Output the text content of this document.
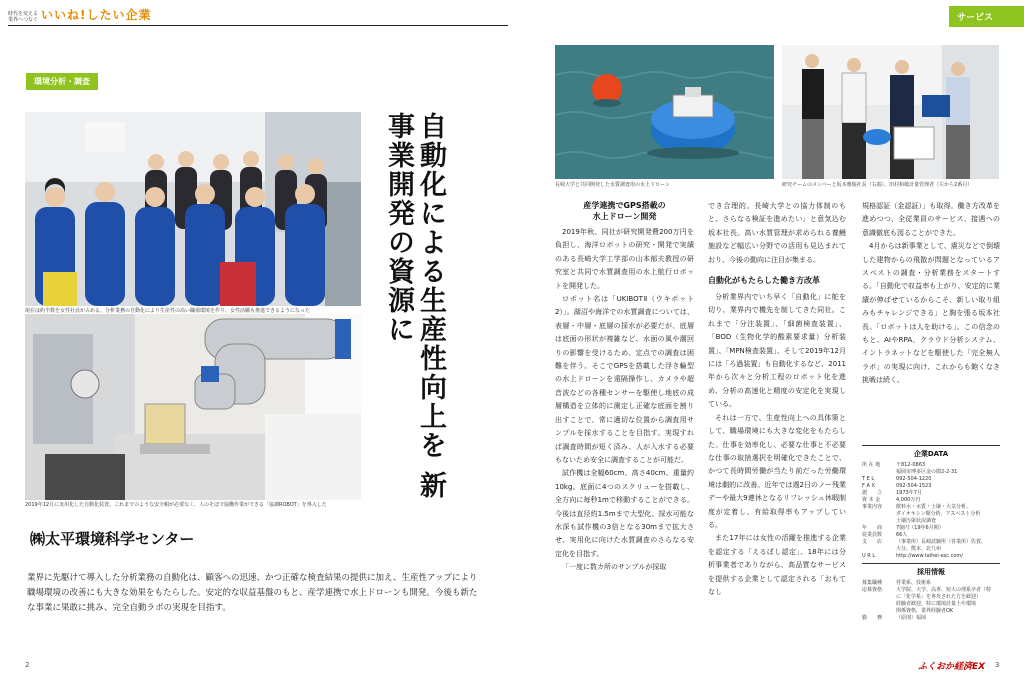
時代を変える
業界へつなぐ いいね!したい企業
環境分析・調査
現在は約半数を女性社員が占める。分析業務の自動化により生産性の高い職場環境を作り、女性活躍も推進できるようになった
2019年12月に実用化した自動化装置。これまでのような安全帽が必要なく、人のそばで協働作業ができる「協調ROBOT」を導入した
自動化による生産性向上を 新事業開発の資源に
㈱太平環境科学センター
業界に先駆けて導入した分析業務の自動化は、顧客への迅速、かつ正確な検査結果の提供に加え、生産性アップにより職場環境の改善にも大きな効果をもたらした。安定的な収益基盤のもと、産学連携で水上ドローンも開発。今後も新たな事業に果敢に挑み、完全自動ラボの実現を目指す。
2
サービス
長崎大学と共同開発した水質調査用の水上ドローン	研究チームのメンバーと坂本雅俊社長（右端）、田村和敏計量管理者（左から2番目）
産学連携でGPS搭載の
水上ドローン開発

2019年秋、同社が研究開発費200万円を負担し、海洋ロボットの研究・開発で実績のある長崎大学工学部の山本郁夫教授の研究室と共同で水質調査用の水上航行ロボットを開発した。

ロボット名は「UKIBOTⅡ（ウキボット2）」。湖沼や海洋での水質調査については、表層・中層・底層の採水が必要だが、底層は底面の形状が複雑など、水面の風や潮回りの影響を受けるため、定点での調査は困難を伴う。そこでGPSを搭載した浮き輪型の水上ドローンを遠隔操作し、カメラや超音波などの各種センサーを駆使し地底の成層構造を立体的に測定し正確な底面を割り出すことで、常に適切な位置から調査用サンプルを採水することを目指す。実現すれば調査時間が短く済み、人が入水する必要もないため安全に調査することが可能だ。

試作機は全幅60cm、高さ40cm、重量約10kg。底面に4つのスクリューを搭載し、全方向に毎秒1mで移動することができる。今後は直径約1.5mまで大型化、採水可能な水深も試作機の3倍となる30mまで拡大させ、実用化に向けた水質調査のさらなる安定化を目指す。

「一度に数カ所のサンプルが採取

でき合理的。長崎大学との協力体制のもと、さらなる検証を進めたい」と意気込む坂本社長。高い水質管理が求められる養鰻施設など幅広い分野での活用も見込まれており、今後の動向に注目が集まる。

自動化がもたらした働き方改革

分析業界内でいち早く「自動化」に舵を切り、業界内で機先を制してきた同社。これまで「分注装置」、「細菌検査装置」、「BOD（生物化学的酸素要求量）分析装置」、「MPN検査装置」、そして2019年12月には「ろ過装置」も自動化するなど、2011年から次々と分析工程のロボット化を進め、分析の高速化と精度の安定化を実現している。

それは一方で、生産性向上への具体策として、職場環境にも大きな変化をもたらした。仕事を効率化し、必要な仕事と不必要な仕事の取捨選択を明確化できたことで、かつて長時間労働が当たり前だった労働環境は劇的に改善。近年では週2日のノー残業デーや最大9連休となるリフレッシュ休暇制度が定着し、有給取得率もアップしている。

また17年には女性の活躍を推進する企業を認定する「えるぼし認定」、18年には分析事業者でありながら、高品質なサービスを提供する企業として認定される「おもてなし

規格認証（金認証）」も取得。働き方改革を進めつつ、全従業員のサービス、接遇への意識徹底も図ることができた。

4月からは新事業として、震災などで倒壊した建物からの飛散が問題となっているアスベストの調査・分析業務をスタートする。「自動化で収益率も上がり、安定的に業績が伸ばせているからこそ、新しい取り組みもチャレンジできる」と胸を張る坂本社長。「ロボットは人を助ける」。この信念のもと、AIやRPA、クラウド分析システム、イントラネットなどを駆使した「完全無人ラボ」の実現に向け、これからも飽くなき挑戦は続く。

企業DATA
所 在 地	〒812-0863
福岡市博多区金の隈2-2-31
T E L	092-504-1220
F A X	092-504-1523
創　　立	1973年7月
資 本 金	4,000万円
事業内容	飲料水・水質・土壌・大気分析、
ダイオキシン類分析、アスベスト分析
土壌汚染状況調査
年　　商	7億円（19年6月期）
従業員数	66人
支　　店	（事業所）長崎試験所（営業所）佐賀、
大分、熊本、北九州
U R L	http://www.taihei-esc.com/
採用情報
募集職種	営業系、技術系
応募資格	大学院、大学、高専、短大の理系卒者（特
に「化学系」を専攻された方を歓迎）
経験者歓迎。特に環境計量士や環境
関係資格、業界経験者OK
勤　　務	（原則）福岡
ふくおか経済EX 3
